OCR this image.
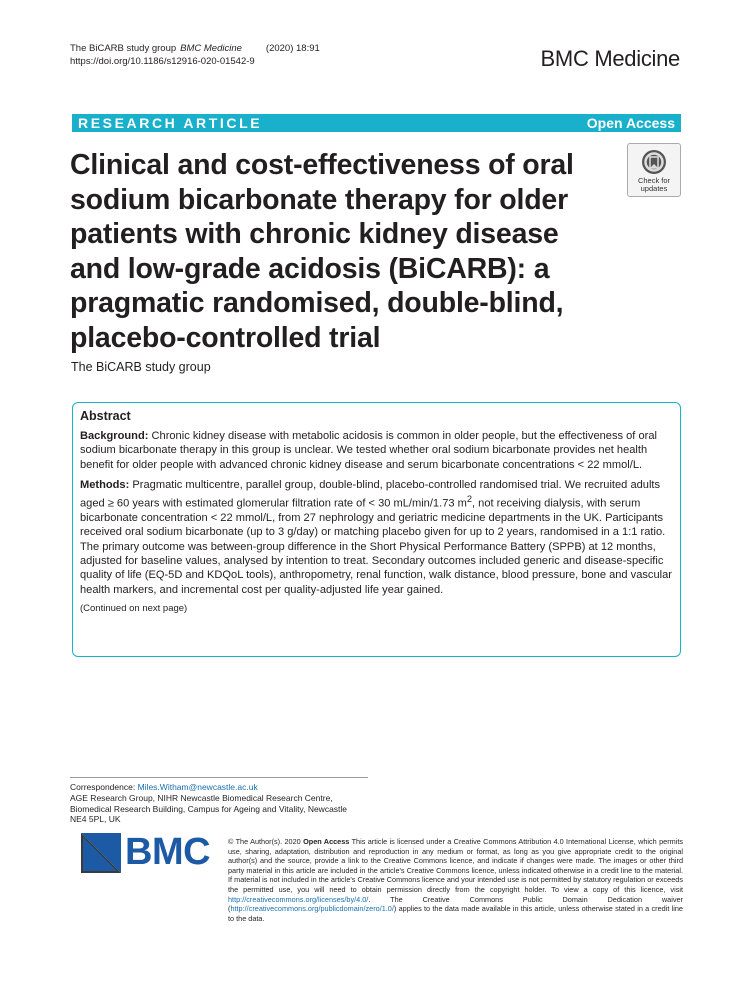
The BiCARB study group BMC Medicine	(2020) 18:91
https://doi.org/10.1186/s12916-020-01542-9	BMC Medicine
RESEARCH ARTICLE	Open Access
Clinical and cost-effectiveness of oral sodium bicarbonate therapy for older patients with chronic kidney disease and low-grade acidosis (BiCARB): a pragmatic randomised, double-blind, placebo-controlled trial
The BiCARB study group
Check for
updates
Abstract

Background: Chronic kidney disease with metabolic acidosis is common in older people, but the effectiveness of oral sodium bicarbonate therapy in this group is unclear. We tested whether oral sodium bicarbonate provides net health benefit for older people with advanced chronic kidney disease and serum bicarbonate concentrations < 22 mmol/L.

Methods: Pragmatic multicentre, parallel group, double-blind, placebo-controlled randomised trial. We recruited adults aged ≥ 60 years with estimated glomerular filtration rate of < 30 mL/min/1.73 $m^2$, not receiving dialysis, with serum bicarbonate concentration < 22 mmol/L, from 27 nephrology and geriatric medicine departments in the UK. Participants received oral sodium bicarbonate (up to 3 g/day) or matching placebo given for up to 2 years, randomised in a 1:1 ratio. The primary outcome was between-group difference in the Short Physical Performance Battery (SPPB) at 12 months, adjusted for baseline values, analysed by intention to treat. Secondary outcomes included generic and disease-specific quality of life (EQ-5D and KDQoL tools), anthropometry, renal function, walk distance, blood pressure, bone and vascular health markers, and incremental cost per quality-adjusted life year gained.

(Continued on next page)
Correspondence: Miles.Witham@newcastle.ac.uk
AGE Research Group, NIHR Newcastle Biomedical Research Centre,
Biomedical Research Building, Campus for Ageing and Vitality, Newcastle
NE4 5PL, UK
BMC © The Author(s). 2020 Open Access This article is licensed under a Creative Commons Attribution 4.0 International License, which permits use, sharing, adaptation, distribution and reproduction in any medium or format, as long as you give appropriate credit to the original author(s) and the source, provide a link to the Creative Commons licence, and indicate if changes were made. The images or other third party material in this article are included in the article's Creative Commons licence, unless indicated otherwise in a credit line to the material. If material is not included in the article's Creative Commons licence and your intended use is not permitted by statutory regulation or exceeds the permitted use, you will need to obtain permission directly from the copyright holder. To view a copy of this licence, visit http://creativecommons.org/licenses/by/4.0/. The Creative Commons Public Domain Dedication waiver (http://creativecommons.org/publicdomain/zero/1.0/) applies to the data made available in this article, unless otherwise stated in a credit line to the data.
